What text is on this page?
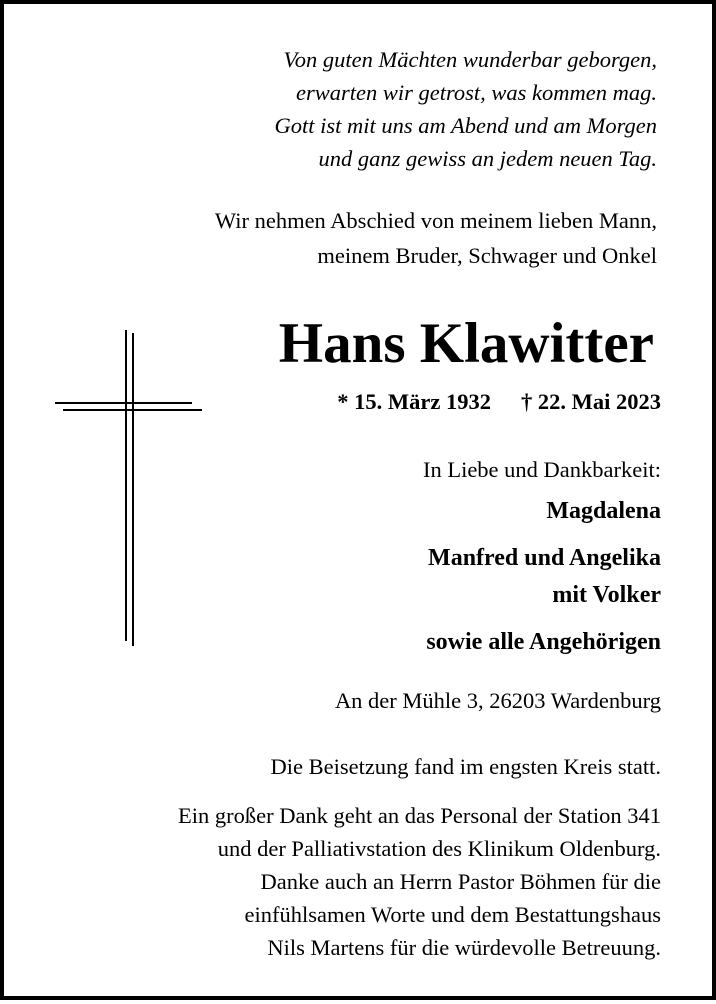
Von guten Mächten wunderbar geborgen,
erwarten wir getrost, was kommen mag.
Gott ist mit uns am Abend und am Morgen
und ganz gewiss an jedem neuen Tag.
Wir nehmen Abschied von meinem lieben Mann,
meinem Bruder, Schwager und Onkel
Hans Klawitter
* 15. März 1932 † 22. Mai 2023
In Liebe und Dankbarkeit:
Magdalena
Manfred und Angelika
mit Volker
sowie alle Angehörigen
An der Mühle 3, 26203 Wardenburg
Die Beisetzung fand im engsten Kreis statt.
Ein großer Dank geht an das Personal der Station 341
und der Palliativstation des Klinikum Oldenburg.
Danke auch an Herrn Pastor Böhmen für die
einfühlsamen Worte und dem Bestattungshaus
Nils Martens für die würdevolle Betreuung.
